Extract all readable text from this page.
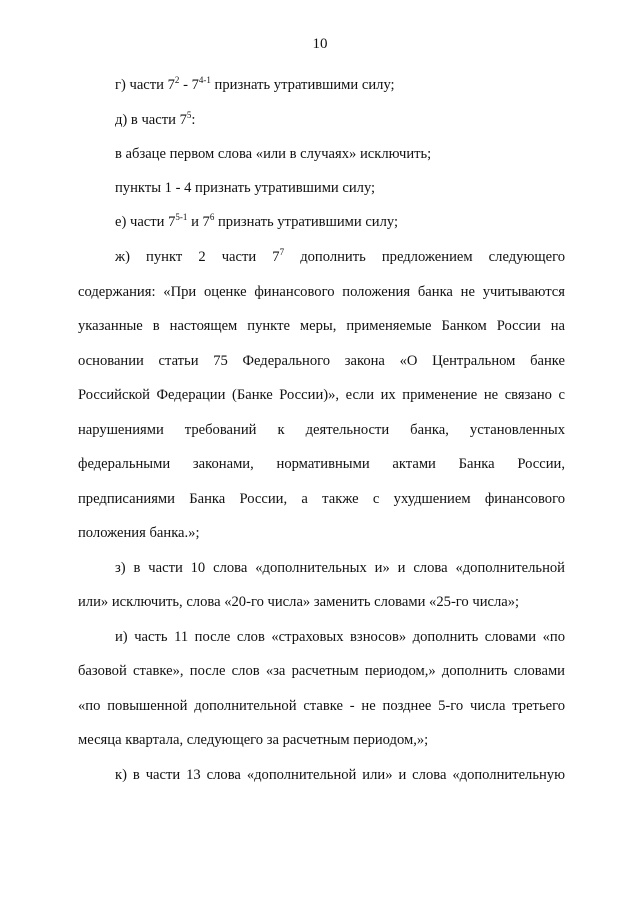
10
г) части $7^2 - 7^{4-1}$ признать утратившими силу;
д) в части $7^5$:
в абзаце первом слова «или в случаях» исключить;
пункты 1 - 4 признать утратившими силу;
е) части 7$^{5-1}$ и $7^6$ признать утратившими силу;
ж) пункт 2 части $7^7$ дополнить предложением следующего
содержания: «При оценке финансового положения банка не учитываются
указанные в настоящем пункте меры, применяемые Банком России на
основании статьи 75 Федерального закона «О Центральном банке
Российской Федерации (Банке России)», если их применение не связано с
нарушениями требований к деятельности банка, установленных
федеральными законами, нормативными актами Банка России,
предписаниями Банка России, а также с ухудшением финансового
положения банка.»;
з) в части 10 слова «дополнительных и» и слова «дополнительной
или» исключить, слова «20-го числа» заменить словами «25-го числа»;
и) часть 11 после слов «страховых взносов» дополнить словами «по
базовой ставке», после слов «за расчетным периодом,» дополнить словами
«по повышенной дополнительной ставке - не позднее 5-го числа третьего
месяца квартала, следующего за расчетным периодом,»;
к) в части 13 слова «дополнительной или» и слова «дополнительную
